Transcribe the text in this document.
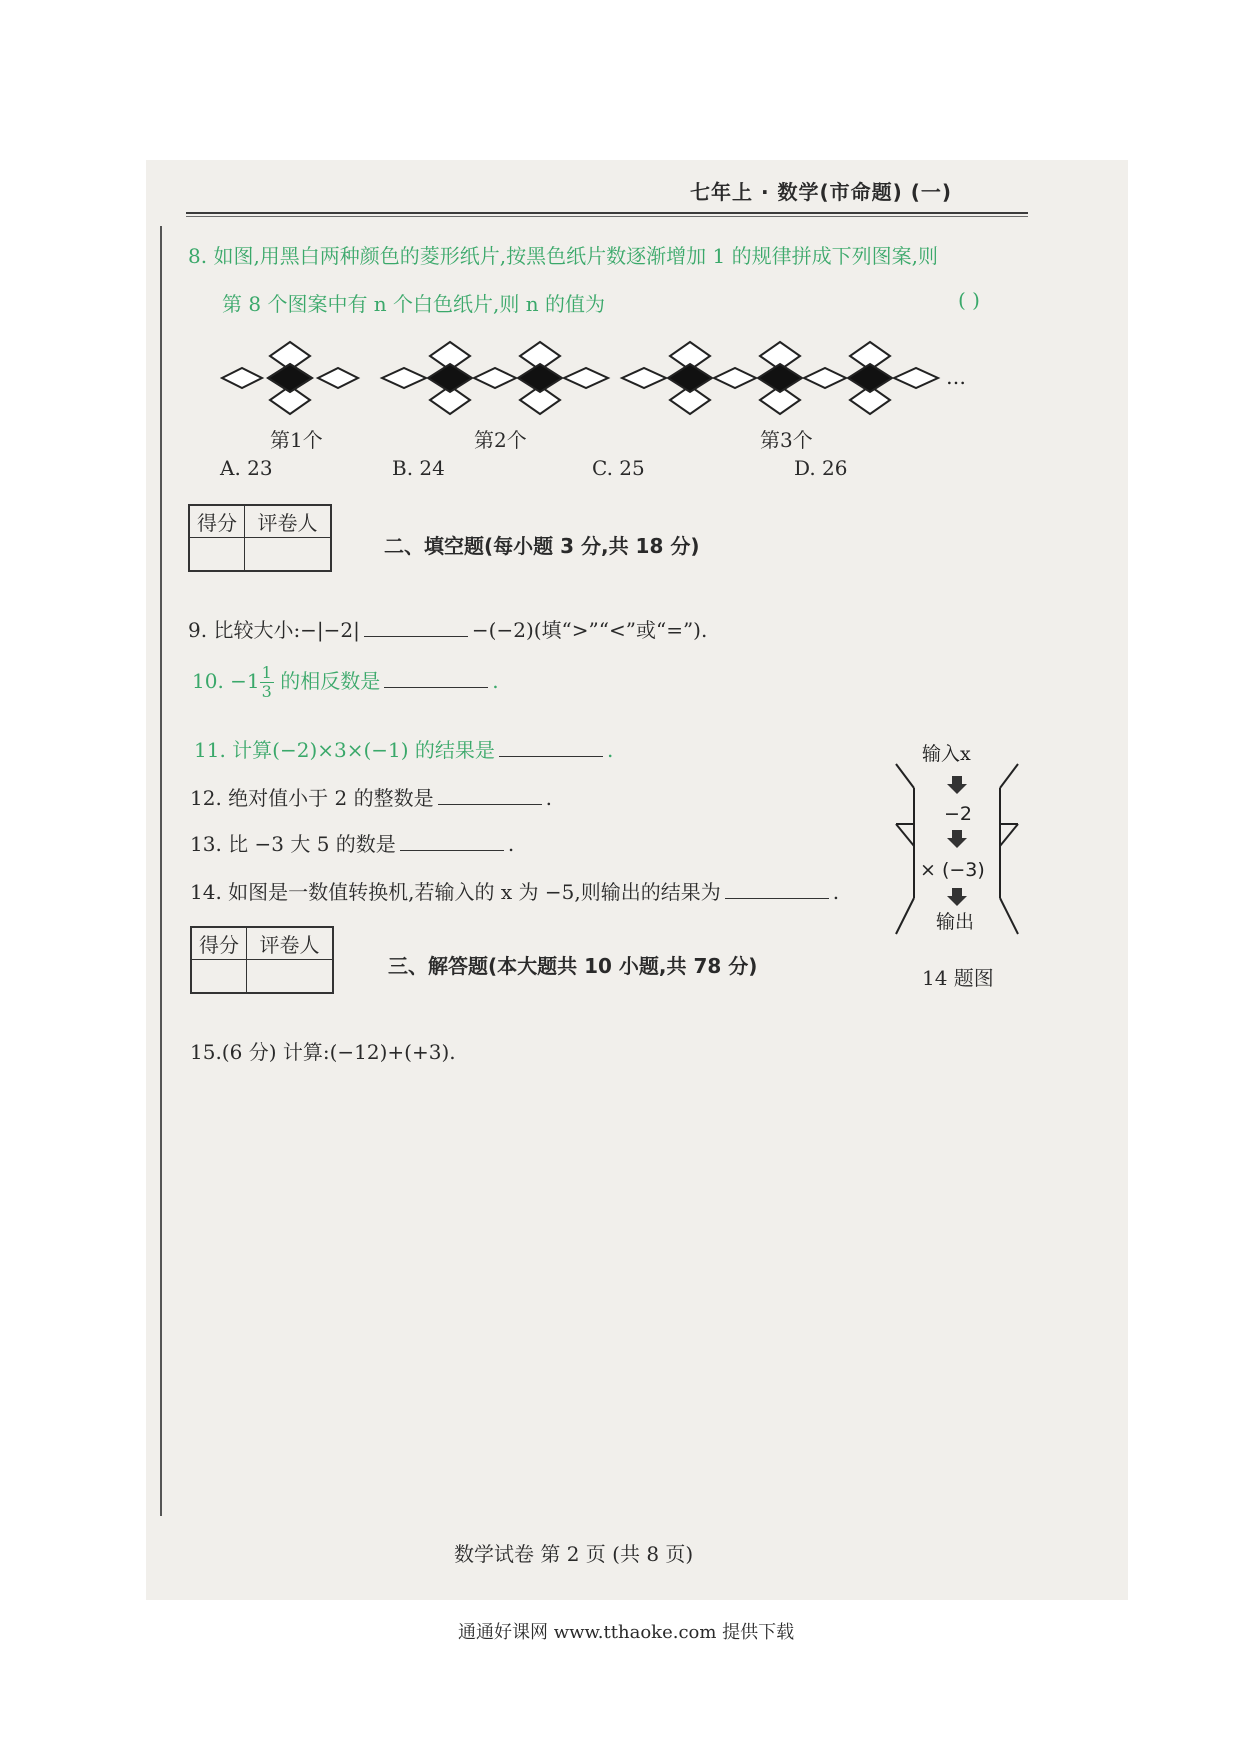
七年上 · 数学(市命题) (一)
8. 如图,用黑白两种颜色的菱形纸片,按黑色纸片数逐渐增加 1 的规律拼成下列图案,则
第 8 个图案中有 n 个白色纸片,则 n 的值为	( )
…
第1个	第2个	第3个
A. 23	B. 24	C. 25	D. 26
得分	评卷人

二、填空题(每小题 3 分,共 18 分)
9. 比较大小:−|−2|	−(−2)(填“>”“<”或“=”).
10. $-1 \frac{1}{3}$ 的相反数是	.
11. 计算(−2)×3×(−1) 的结果是	.
12. 绝对值小于 2 的整数是	.
13. 比 −3 大 5 的数是	.
14. 如图是一数值转换机,若输入的 x 为 −5,则输出的结果为	.
输入x
−2
× (−3)
输出
14 题图
得分	评卷人

三、解答题(本大题共 10 小题,共 78 分)
15.(6 分) 计算:(−12)+(+3).
数学试卷 第 2 页 (共 8 页)
通通好课网 www.tthaoke.com 提供下载
